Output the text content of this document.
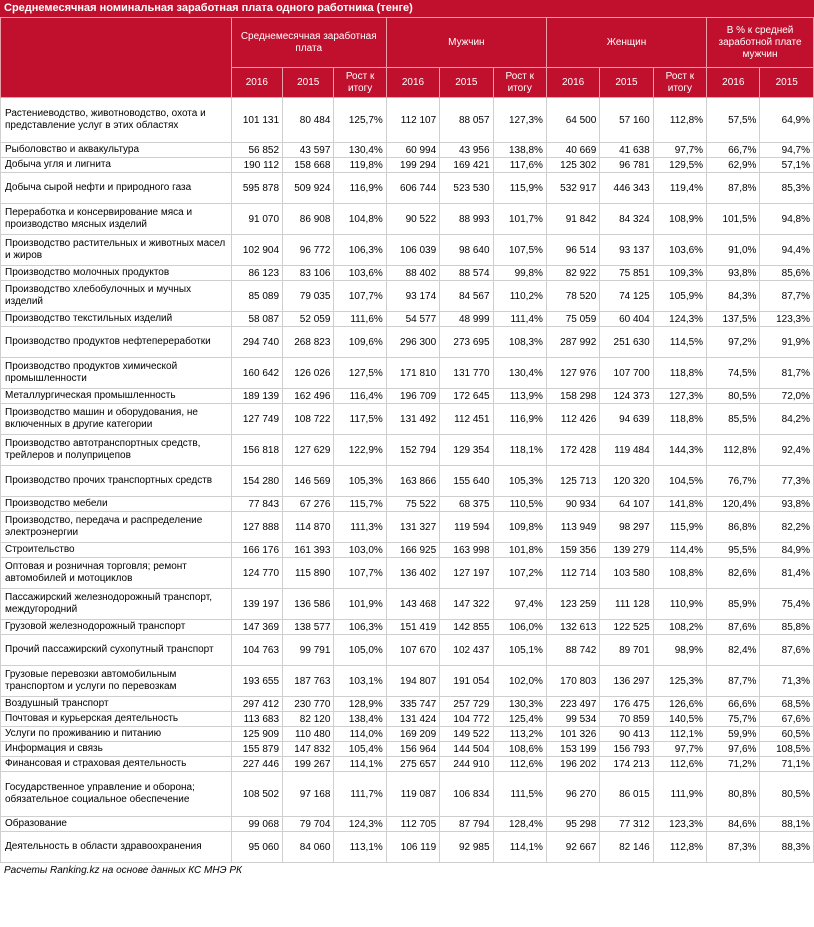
Среднемесячная номинальная заработная плата одного работника (тенге)
	Среднемесячная заработная плата			Мужчин			Женщин			В % к средней заработной плате мужчин	
	2016	2015	Рост к итогу	2016	2015	Рост к итогу	2016	2015	Рост к итогу	2016	2015
Растениеводство, животноводство, охота и представление услуг в этих областях	101 131	80 484	125,7%	112 107	88 057	127,3%	64 500	57 160	112,8%	57,5%	64,9%
Рыболовство и аквакультура	56 852	43 597	130,4%	60 994	43 956	138,8%	40 669	41 638	97,7%	66,7%	94,7%
Добыча угля и лигнита	190 112	158 668	119,8%	199 294	169 421	117,6%	125 302	96 781	129,5%	62,9%	57,1%
Добыча сырой нефти и природного газа	595 878	509 924	116,9%	606 744	523 530	115,9%	532 917	446 343	119,4%	87,8%	85,3%
Переработка и консервирование мяса и производство мясных изделий	91 070	86 908	104,8%	90 522	88 993	101,7%	91 842	84 324	108,9%	101,5%	94,8%
Производство растительных и животных масел и жиров	102 904	96 772	106,3%	106 039	98 640	107,5%	96 514	93 137	103,6%	91,0%	94,4%
Производство молочных продуктов	86 123	83 106	103,6%	88 402	88 574	99,8%	82 922	75 851	109,3%	93,8%	85,6%
Производство хлебобулочных и мучных изделий	85 089	79 035	107,7%	93 174	84 567	110,2%	78 520	74 125	105,9%	84,3%	87,7%
Производство текстильных изделий	58 087	52 059	111,6%	54 577	48 999	111,4%	75 059	60 404	124,3%	137,5%	123,3%
Производство продуктов нефтепереработки	294 740	268 823	109,6%	296 300	273 695	108,3%	287 992	251 630	114,5%	97,2%	91,9%
Производство продуктов химической промышленности	160 642	126 026	127,5%	171 810	131 770	130,4%	127 976	107 700	118,8%	74,5%	81,7%
Металлургическая промышленность	189 139	162 496	116,4%	196 709	172 645	113,9%	158 298	124 373	127,3%	80,5%	72,0%
Производство машин и оборудования, не включенных в другие категории	127 749	108 722	117,5%	131 492	112 451	116,9%	112 426	94 639	118,8%	85,5%	84,2%
Производство автотранспортных средств, трейлеров и полуприцепов	156 818	127 629	122,9%	152 794	129 354	118,1%	172 428	119 484	144,3%	112,8%	92,4%
Производство прочих транспортных средств	154 280	146 569	105,3%	163 866	155 640	105,3%	125 713	120 320	104,5%	76,7%	77,3%
Производство мебели	77 843	67 276	115,7%	75 522	68 375	110,5%	90 934	64 107	141,8%	120,4%	93,8%
Производство, передача и распределение электроэнергии	127 888	114 870	111,3%	131 327	119 594	109,8%	113 949	98 297	115,9%	86,8%	82,2%
Строительство	166 176	161 393	103,0%	166 925	163 998	101,8%	159 356	139 279	114,4%	95,5%	84,9%
Оптовая и розничная торговля; ремонт автомобилей и мотоциклов	124 770	115 890	107,7%	136 402	127 197	107,2%	112 714	103 580	108,8%	82,6%	81,4%
Пассажирский железнодорожный транспорт, междугородний	139 197	136 586	101,9%	143 468	147 322	97,4%	123 259	111 128	110,9%	85,9%	75,4%
Грузовой железнодорожный транспорт	147 369	138 577	106,3%	151 419	142 855	106,0%	132 613	122 525	108,2%	87,6%	85,8%
Прочий пассажирский сухопутный транспорт	104 763	99 791	105,0%	107 670	102 437	105,1%	88 742	89 701	98,9%	82,4%	87,6%
Грузовые перевозки автомобильным транспортом и услуги по перевозкам	193 655	187 763	103,1%	194 807	191 054	102,0%	170 803	136 297	125,3%	87,7%	71,3%
Воздушный транспорт	297 412	230 770	128,9%	335 747	257 729	130,3%	223 497	176 475	126,6%	66,6%	68,5%
Почтовая и курьерская деятельность	113 683	82 120	138,4%	131 424	104 772	125,4%	99 534	70 859	140,5%	75,7%	67,6%
Услуги по проживанию и питанию	125 909	110 480	114,0%	169 209	149 522	113,2%	101 326	90 413	112,1%	59,9%	60,5%
Информация и связь	155 879	147 832	105,4%	156 964	144 504	108,6%	153 199	156 793	97,7%	97,6%	108,5%
Финансовая и страховая деятельность	227 446	199 267	114,1%	275 657	244 910	112,6%	196 202	174 213	112,6%	71,2%	71,1%
Государственное управление и оборона; обязательное социальное обеспечение	108 502	97 168	111,7%	119 087	106 834	111,5%	96 270	86 015	111,9%	80,8%	80,5%
Образование	99 068	79 704	124,3%	112 705	87 794	128,4%	95 298	77 312	123,3%	84,6%	88,1%
Деятельность в области здравоохранения	95 060	84 060	113,1%	106 119	92 985	114,1%	92 667	82 146	112,8%	87,3%	88,3%
Расчеты Ranking.kz на основе данных КС МНЭ РК
